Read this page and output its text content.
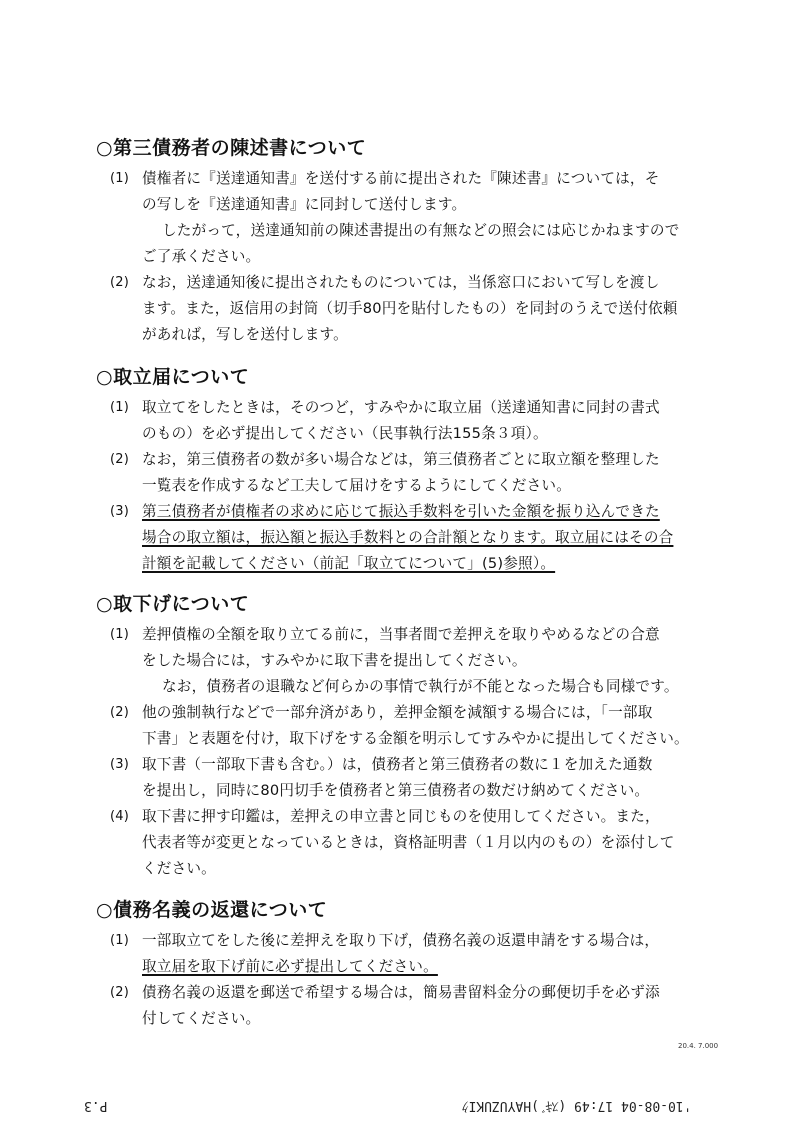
○第三債務者の陳述書について
(1) 債権者に『送達通知書』を送付する前に提出された『陳述書』については，そ
の写しを『送達通知書』に同封して送付します。
したがって，送達通知前の陳述書提出の有無などの照会には応じかねますので
ご了承ください。
(2) なお，送達通知後に提出されたものについては，当係窓口において写しを渡し
ます。また，返信用の封筒（切手80円を貼付したもの）を同封のうえで送付依頼
があれば，写しを送付します。
○取立届について
(1) 取立てをしたときは，そのつど，すみやかに取立届（送達通知書に同封の書式
のもの）を必ず提出してください（民事執行法155条３項）。
(2) なお，第三債務者の数が多い場合などは，第三債務者ごとに取立額を整理した
一覧表を作成するなど工夫して届けをするようにしてください。
(3) 第三債務者が債権者の求めに応じて振込手数料を引いた金額を振り込んできた
場合の取立額は，振込額と振込手数料との合計額となります。取立届にはその合
計額を記載してください（前記「取立てについて」(5)参照）。
○取下げについて
(1) 差押債権の全額を取り立てる前に，当事者間で差押えを取りやめるなどの合意
をした場合には，すみやかに取下書を提出してください。
なお，債務者の退職など何らかの事情で執行が不能となった場合も同様です。
(2) 他の強制執行などで一部弁済があり，差押金額を減額する場合には，「一部取
下書」と表題を付け，取下げをする金額を明示してすみやかに提出してください。
(3) 取下書（一部取下書も含む。）は，債務者と第三債務者の数に１を加えた通数
を提出し，同時に80円切手を債務者と第三債務者の数だけ納めてください。
(4) 取下書に押す印鑑は，差押えの申立書と同じものを使用してください。また，
代表者等が変更となっているときは，資格証明書（１月以内のもの）を添付して
ください。
○債務名義の返還について
(1) 一部取立てをした後に差押えを取り下げ，債務名義の返還申請をする場合は，
取立届を取下げ前に必ず提出してください。
(2) 債務名義の返還を郵送で希望する場合は，簡易書留料金分の郵便切手を必ず添
付してください。
20.4. 7.000
P.3	'10-08-04 17:49 (ｽｷﾞ)HAYUZUKIｸ
